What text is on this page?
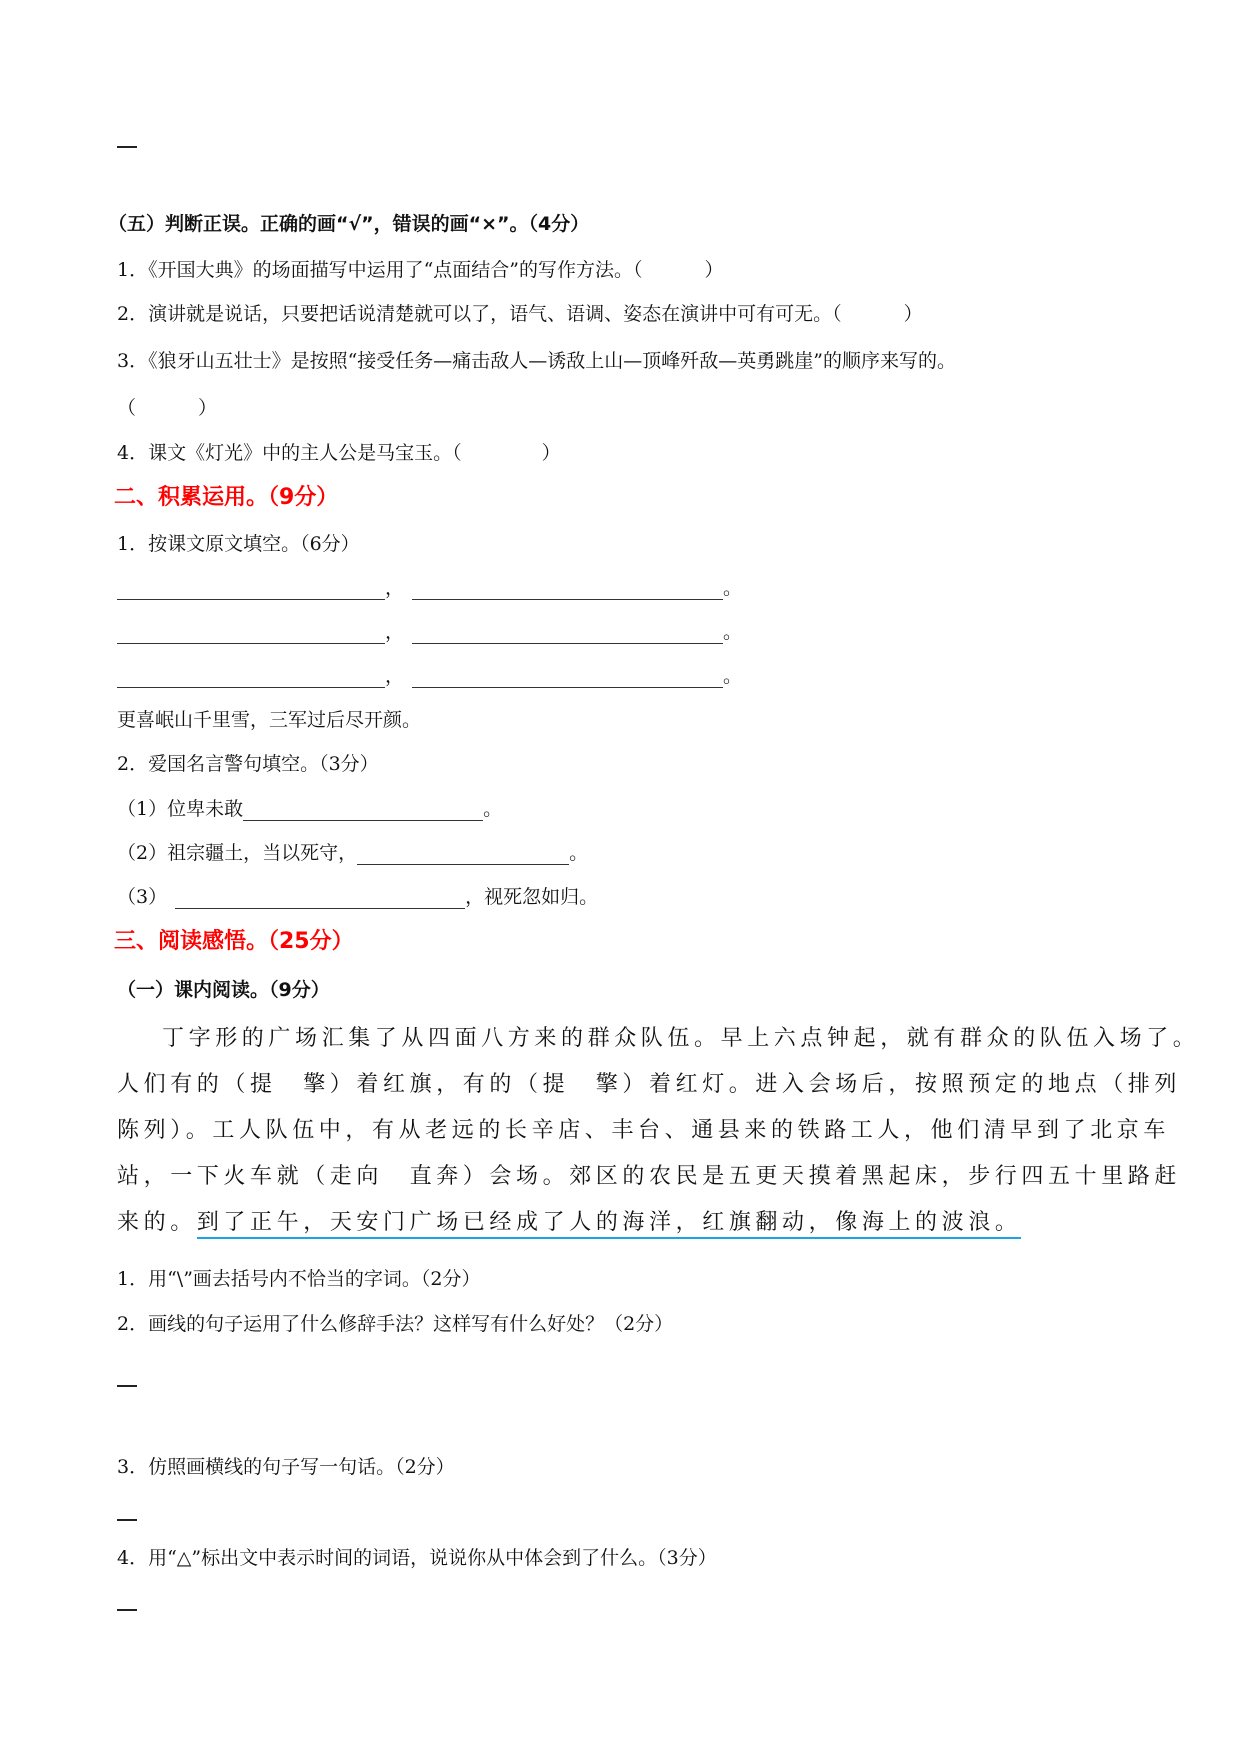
（五）判断正误。正确的画“√”，错误的画“×”。（4分）
1．《开国大典》的场面描写中运用了“点面结合”的写作方法。（	）
2．演讲就是说话，只要把话说清楚就可以了，语气、语调、姿态在演讲中可有可无。（	）
3．《狼牙山五壮士》是按照“接受任务—痛击敌人—诱敌上山—顶峰歼敌—英勇跳崖”的顺序来写的。
（	）
4．课文《灯光》中的主人公是马宝玉。（	）
二、积累运用。（9分）
1．按课文原文填空。（6分）
，	。
，	。
，	。
更喜岷山千里雪，三军过后尽开颜。
2．爱国名言警句填空。（3分）
（1）位卑未敢	。
（2）祖宗疆土，当以死守，	。
（3）	，视死忽如归。
三、阅读感悟。（25分）
（一）课内阅读。（9分）
丁字形的广场汇集了从四面八方来的群众队伍。早上六点钟起，就有群众的队伍入场了。
人们有的（提　擎）着红旗，有的（提　擎）着红灯。进入会场后，按照预定的地点（排列
陈列）。工人队伍中，有从老远的长辛店、丰台、通县来的铁路工人，他们清早到了北京车
站，一下火车就（走向　直奔）会场。郊区的农民是五更天摸着黑起床，步行四五十里路赶
来的。到了正午，天安门广场已经成了人的海洋，红旗翻动，像海上的波浪。
1．用“\”画去括号内不恰当的字词。（2分）
2．画线的句子运用了什么修辞手法？这样写有什么好处？（2分）
3．仿照画横线的句子写一句话。（2分）
4．用“△”标出文中表示时间的词语，说说你从中体会到了什么。（3分）
